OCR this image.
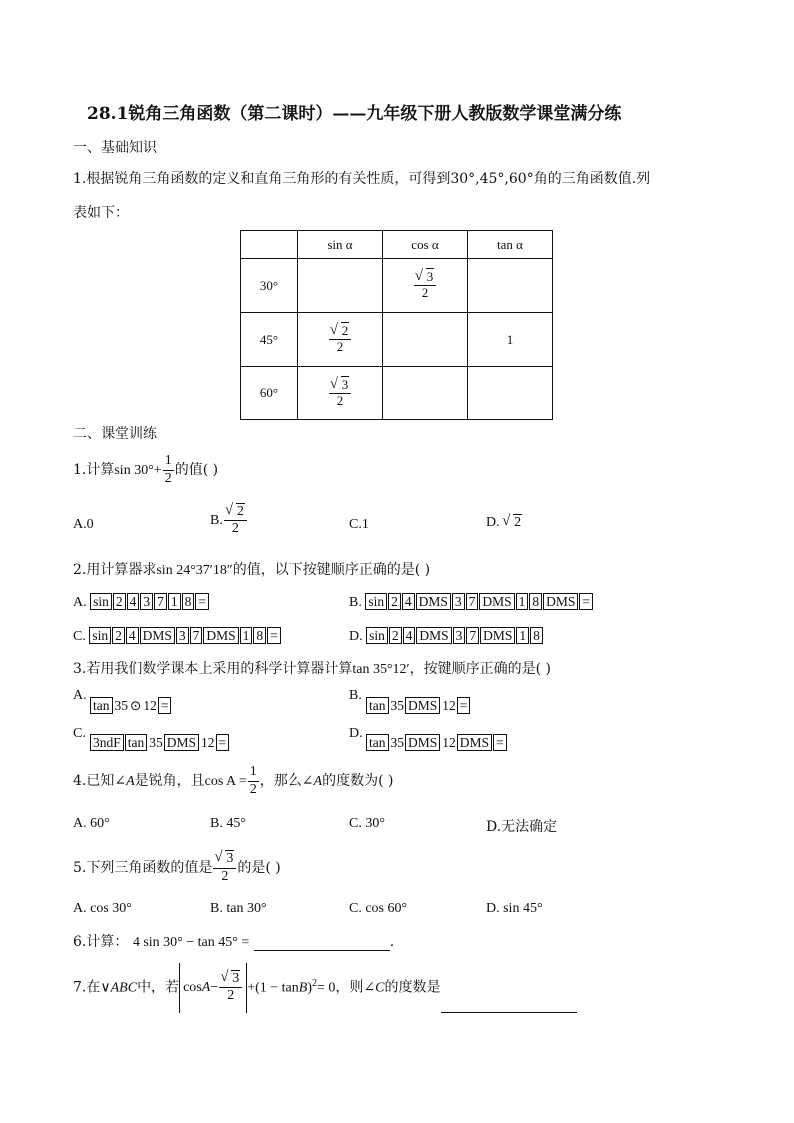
28.1锐角三角函数（第二课时）——九年级下册人教版数学课堂满分练
一、基础知识
1.根据锐角三角函数的定义和直角三角形的有关性质，可得到30°,45°,60°角的三角函数值.列
表如下：
	sin α	cos α	tan α
30°		√ $\frac{3}{2}$

45°	√ $\frac{2}{2}$		1
60°	√ $\frac{3}{2}$

二、课堂训练
1.计算$\sin 30^\circ+ \frac{1}{2}$ 的值( )
A.0	B. √ $\frac{2}{2}$	C.1	D. √ 2
2.用计算器求sin 24°37′18″的值，以下按键顺序正确的是( )
A. sin 2 4 3 7 1 8 =	B. sin 2 4 DMS 3 7 DMS 1 8 DMS =
C. sin 2 4 DMS 3 7 DMS 1 8 =	D. sin 2 4 DMS 3 7 DMS 1 8
3.若用我们数学课本上采用的科学计算器计算tan 35°12′，按键顺序正确的是( )
A.
tan 35 ⊙ 12 =
B.
tan 35 DMS 12 =
C.
3ndF tan 35 DMS 12 =
D.
tan 35 DMS 12 DMS =
4.已知∠A是锐角，且$\cos A = \frac{1}{2}$ ，那么∠A的度数为( )
A. 60°	B. 45°	C. 30°	D.无法确定
5.下列三角函数的值是 √ $\frac{3}{2}$ 的是( )
A. cos 30°	B. tan 30°	C. cos 60°	D. sin 45°
6.计算： 4 sin 30° − tan 45° =	.
7.在∨ABC中，若 cosA− √ $\frac{3}{2} +(1 - \tan B)^2= 0$，则∠C的度数是
